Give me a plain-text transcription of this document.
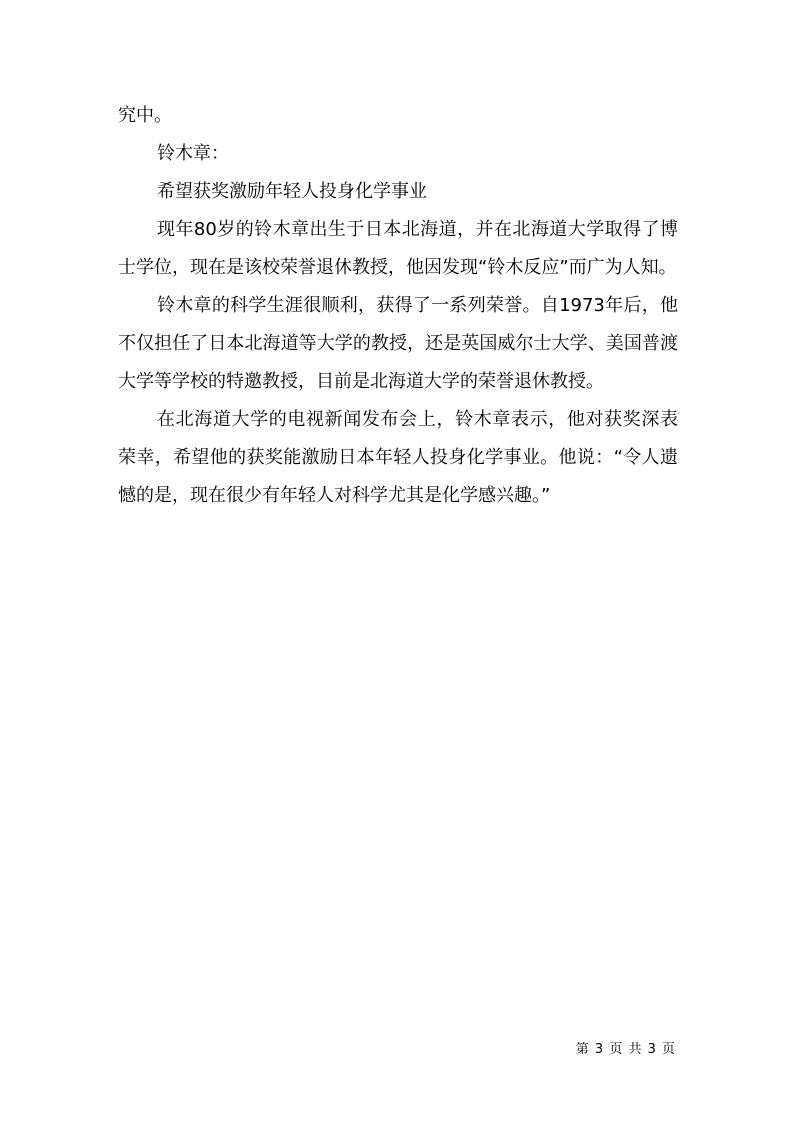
究中。

铃木章：

希望获奖激励年轻人投身化学事业

现年80岁的铃木章出生于日本北海道，并在北海道大学取得了博士学位，现在是该校荣誉退休教授，他因发现“铃木反应”而广为人知。

铃木章的科学生涯很顺利，获得了一系列荣誉。自1973年后，他不仅担任了日本北海道等大学的教授，还是英国威尔士大学、美国普渡大学等学校的特邀教授，目前是北海道大学的荣誉退休教授。

在北海道大学的电视新闻发布会上，铃木章表示，他对获奖深表荣幸，希望他的获奖能激励日本年轻人投身化学事业。他说：“令人遗憾的是，现在很少有年轻人对科学尤其是化学感兴趣。”

第 3 页 共 3 页
